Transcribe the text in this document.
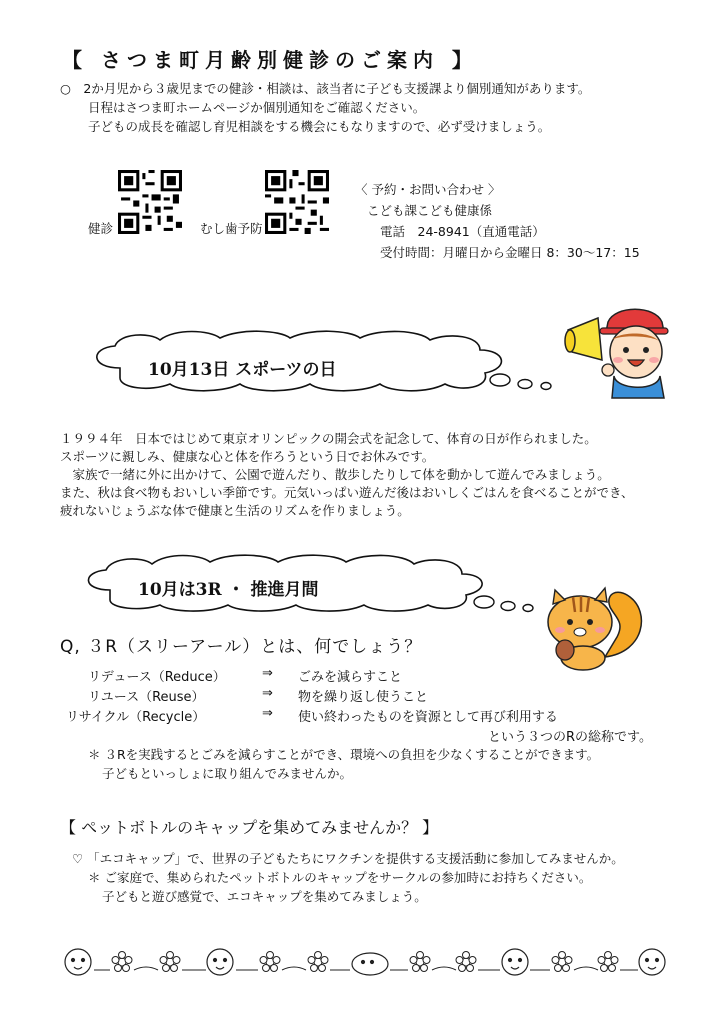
【 さつま町月齢別健診のご案内 】
○　2か月児から３歳児までの健診・相談は、該当者に子ども支援課より個別通知があります。
日程はさつま町ホームページか個別通知をご確認ください。
子どもの成長を確認し育児相談をする機会にもなりますので、必ず受けましょう。
健診	むし歯予防
〈 予約・お問い合わせ 〉
こども課こども健康係
電話　24-8941（直通電話）
受付時間：月曜日から金曜日 8：30〜17：15
10月13日 スポーツの日
１９９４年　日本ではじめて東京オリンピックの開会式を記念して、体育の日が作られました。
スポーツに親しみ、健康な心と体を作ろうという日でお休みです。
　家族で一緒に外に出かけて、公園で遊んだり、散歩したりして体を動かして遊んでみましょう。
また、秋は食べ物もおいしい季節です。元気いっぱい遊んだ後はおいしくごはんを食べることができ、
疲れないじょうぶな体で健康と生活のリズムを作りましょう。
10月は3R ・ 推進月間
Q, ３R（スリーアール）とは、何でしょう？
リデュース（Reduce）	⇒ ごみを減らすこと
リユース（Reuse）	⇒ 物を繰り返し使うこと
リサイクル（Recycle）	⇒ 使い終わったものを資源として再び利用する
という３つのRの総称です。
＊ ３Rを実践するとごみを減らすことができ、環境への負担を少なくすることができます。
子どもといっしょに取り組んでみませんか。
【 ペットボトルのキャップを集めてみませんか？ 】
♡ 「エコキャップ」で、世界の子どもたちにワクチンを提供する支援活動に参加してみませんか。
＊ ご家庭で、集められたペットボトルのキャップをサークルの参加時にお持ちください。
子どもと遊び感覚で、エコキャップを集めてみましょう。
